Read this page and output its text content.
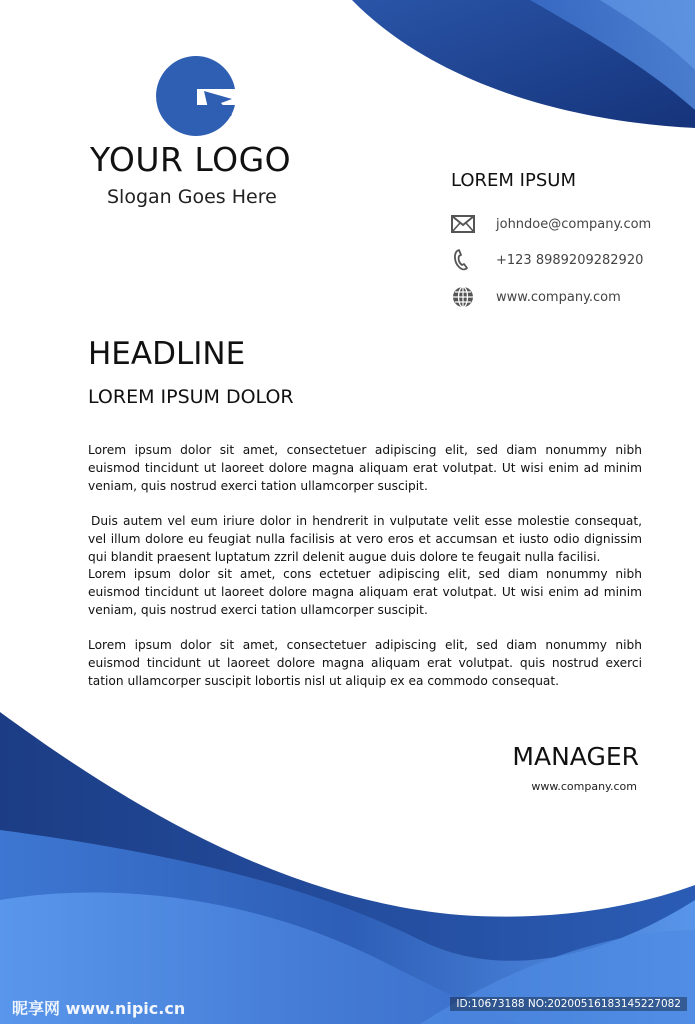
YOUR LOGO
Slogan Goes Here
LOREM IPSUM
johndoe@company.com
+123 8989209282920
www.company.com
HEADLINE
LOREM IPSUM DOLOR
Lorem ipsum dolor sit amet, consectetuer adipiscing elit, sed diam nonummy nibh euismod tincidunt ut laoreet dolore magna aliquam erat volutpat. Ut wisi enim ad minim veniam, quis nostrud exerci tation ullamcorper suscipit.
Duis autem vel eum iriure dolor in hendrerit in vulputate velit esse molestie consequat, vel illum dolore eu feugiat nulla facilisis at vero eros et accumsan et iusto odio dignissim qui blandit praesent luptatum zzril delenit augue duis dolore te feugait nulla facilisi.
Lorem ipsum dolor sit amet, cons ectetuer adipiscing elit, sed diam nonummy nibh euismod tincidunt ut laoreet dolore magna aliquam erat volutpat. Ut wisi enim ad minim veniam, quis nostrud exerci tation ullamcorper suscipit.
Lorem ipsum dolor sit amet, consectetuer adipiscing elit, sed diam nonummy nibh euismod tincidunt ut laoreet dolore magna aliquam erat volutpat. quis nostrud exerci tation ullamcorper suscipit lobortis nisl ut aliquip ex ea commodo consequat.
MANAGER
www.company.com
昵享网 www.nipic.cn	ID:10673188 NO:20200516183145227082
